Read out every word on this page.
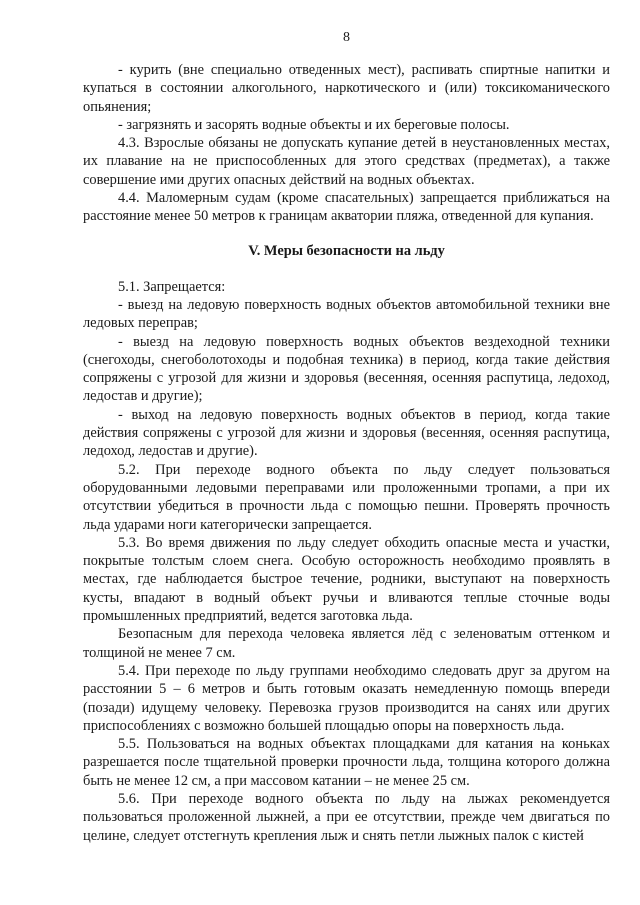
8

- курить (вне специально отведенных мест), распивать спиртные напитки и купаться в состоянии алкогольного, наркотического и (или) токсикоманического опьянения;

- загрязнять и засорять водные объекты и их береговые полосы.

4.3. Взрослые обязаны не допускать купание детей в неустановленных местах, их плавание на не приспособленных для этого средствах (предметах), а также совершение ими других опасных действий на водных объектах.

4.4. Маломерным судам (кроме спасательных) запрещается приближаться на расстояние менее 50 метров к границам акватории пляжа, отведенной для купания.

V. Меры безопасности на льду

5.1. Запрещается:

- выезд на ледовую поверхность водных объектов автомобильной техники вне ледовых переправ;

- выезд на ледовую поверхность водных объектов вездеходной техники (снегоходы, снегоболотоходы и подобная техника) в период, когда такие действия сопряжены с угрозой для жизни и здоровья (весенняя, осенняя распутица, ледоход, ледостав и другие);

- выход на ледовую поверхность водных объектов в период, когда такие действия сопряжены с угрозой для жизни и здоровья (весенняя, осенняя распутица, ледоход, ледостав и другие).

5.2. При переходе водного объекта по льду следует пользоваться оборудованными ледовыми переправами или проложенными тропами, а при их отсутствии убедиться в прочности льда с помощью пешни. Проверять прочность льда ударами ноги категорически запрещается.

5.3. Во время движения по льду следует обходить опасные места и участки, покрытые толстым слоем снега. Особую осторожность необходимо проявлять в местах, где наблюдается быстрое течение, родники, выступают на поверхность кусты, впадают в водный объект ручьи и вливаются теплые сточные воды промышленных предприятий, ведется заготовка льда.

Безопасным для перехода человека является лёд с зеленоватым оттенком и толщиной не менее 7 см.

5.4. При переходе по льду группами необходимо следовать друг за другом на расстоянии 5 – 6 метров и быть готовым оказать немедленную помощь впереди (позади) идущему человеку. Перевозка грузов производится на санях или других приспособлениях с возможно большей площадью опоры на поверхность льда.

5.5. Пользоваться на водных объектах площадками для катания на коньках разрешается после тщательной проверки прочности льда, толщина которого должна быть не менее 12 см, а при массовом катании – не менее 25 см.

5.6. При переходе водного объекта по льду на лыжах рекомендуется пользоваться проложенной лыжней, а при ее отсутствии, прежде чем двигаться по целине, следует отстегнуть крепления лыж и снять петли лыжных палок с кистей
